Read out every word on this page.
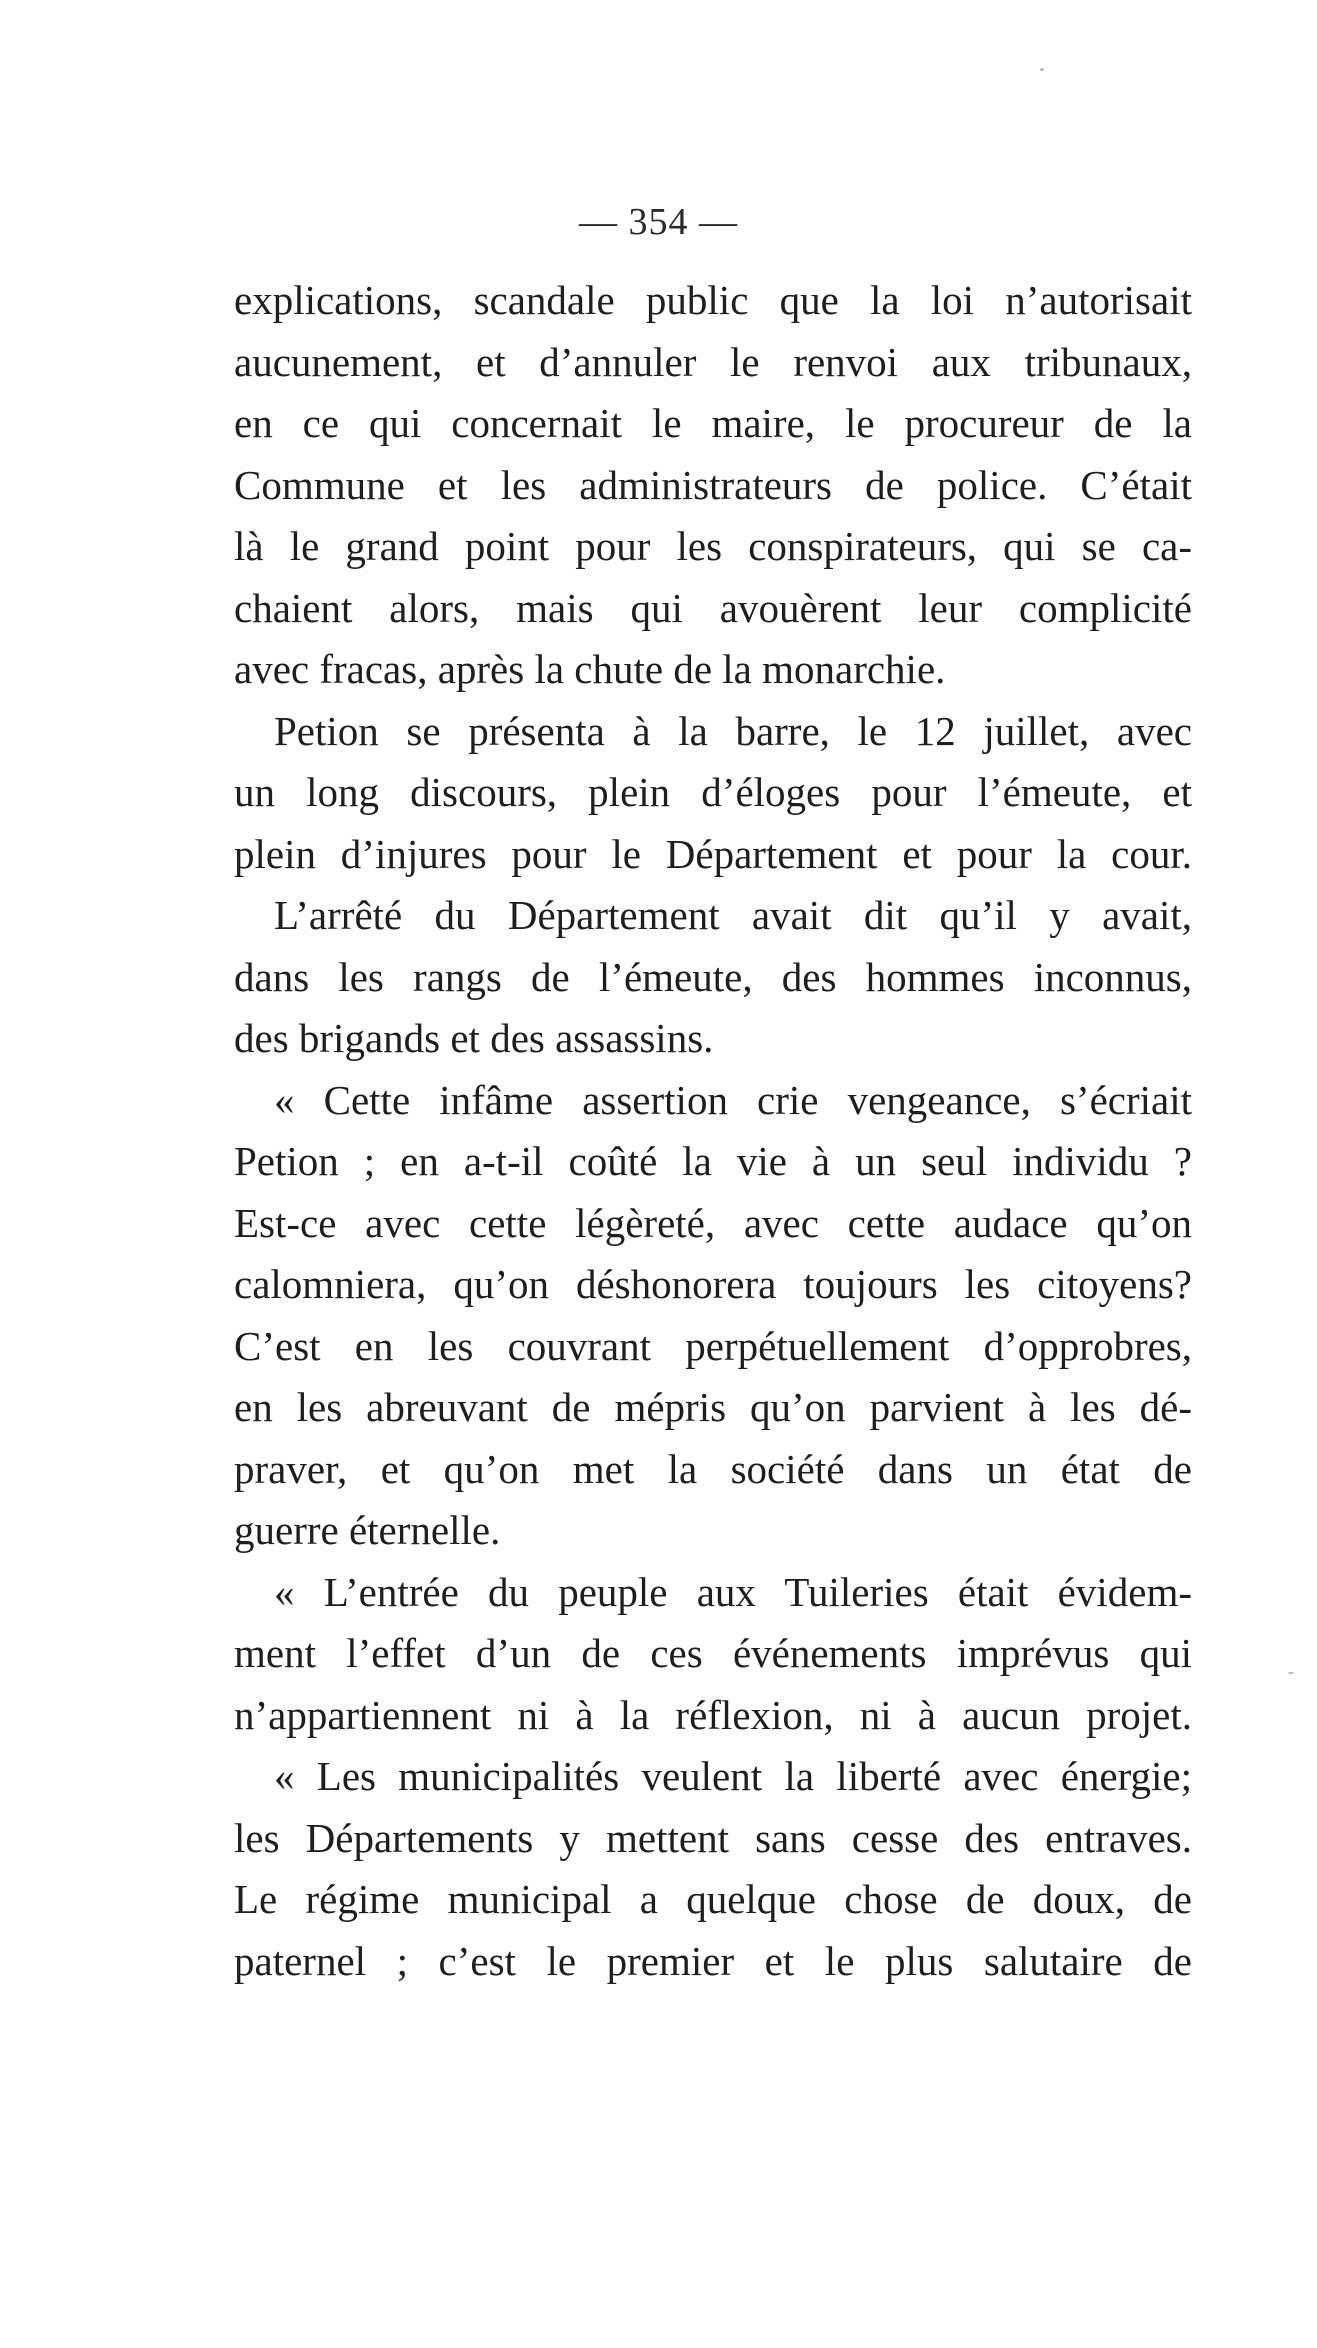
— 354 —
explications, scandale public que la loi n’autorisait
aucunement, et d’annuler le renvoi aux tribunaux,
en ce qui concernait le maire, le procureur de la
Commune et les administrateurs de police. C’était
là le grand point pour les conspirateurs, qui se ca-
chaient alors, mais qui avouèrent leur complicité
avec fracas, après la chute de la monarchie.
Petion se présenta à la barre, le 12 juillet, avec
un long discours, plein d’éloges pour l’émeute, et
plein d’injures pour le Département et pour la cour.
L’arrêté du Département avait dit qu’il y avait,
dans les rangs de l’émeute, des hommes inconnus,
des brigands et des assassins.
« Cette infâme assertion crie vengeance, s’écriait
Petion ; en a-t-il coûté la vie à un seul individu ?
Est-ce avec cette légèreté, avec cette audace qu’on
calomniera, qu’on déshonorera toujours les citoyens?
C’est en les couvrant perpétuellement d’opprobres,
en les abreuvant de mépris qu’on parvient à les dé-
praver, et qu’on met la société dans un état de
guerre éternelle.
« L’entrée du peuple aux Tuileries était évidem-
ment l’effet d’un de ces événements imprévus qui
n’appartiennent ni à la réflexion, ni à aucun projet.
« Les municipalités veulent la liberté avec énergie;
les Départements y mettent sans cesse des entraves.
Le régime municipal a quelque chose de doux, de
paternel ; c’est le premier et le plus salutaire de
